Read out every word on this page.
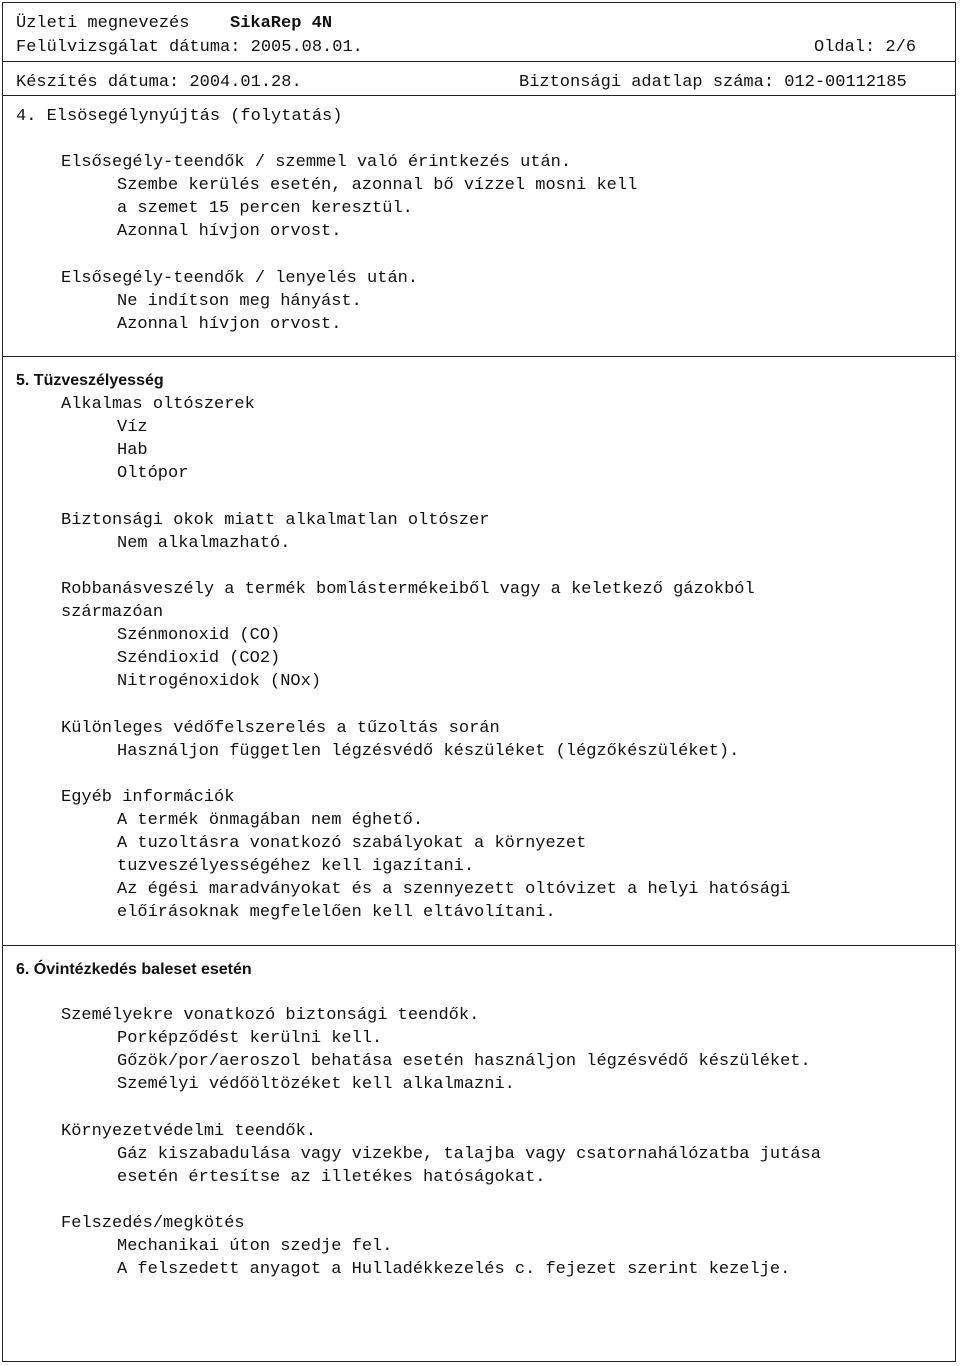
Üzleti megnevezés SikaRep 4N
Felülvizsgálat dátuma: 2005.08.01.	Oldal: 2/6
Készítés dátuma: 2004.01.28.	Biztonsági adatlap száma: 012-00112185
4. Elsösegélynyújtás (folytatás)
Elsősegély-teendők / szemmel való érintkezés után.
Szembe kerülés esetén, azonnal bő vízzel mosni kell
a szemet 15 percen keresztül.
Azonnal hívjon orvost.
Elsősegély-teendők / lenyelés után.
Ne indítson meg hányást.
Azonnal hívjon orvost.
5. Tüzveszélyesség
Alkalmas oltószerek
Víz
Hab
Oltópor
Biztonsági okok miatt alkalmatlan oltószer
Nem alkalmazható.
Robbanásveszély a termék bomlástermékeiből vagy a keletkező gázokból
származóan
Szénmonoxid (CO)
Széndioxid (CO2)
Nitrogénoxidok (NOx)
Különleges védőfelszerelés a tűzoltás során
Használjon független légzésvédő készüléket (légzőkészüléket).
Egyéb információk
A termék önmagában nem éghető.
A tuzoltásra vonatkozó szabályokat a környezet
tuzveszélyességéhez kell igazítani.
Az égési maradványokat és a szennyezett oltóvizet a helyi hatósági
előírásoknak megfelelően kell eltávolítani.
6. Óvintézkedés baleset esetén
Személyekre vonatkozó biztonsági teendők.
Porképződést kerülni kell.
Gőzök/por/aeroszol behatása esetén használjon légzésvédő készüléket.
Személyi védőöltözéket kell alkalmazni.
Környezetvédelmi teendők.
Gáz kiszabadulása vagy vizekbe, talajba vagy csatornahálózatba jutása
esetén értesítse az illetékes hatóságokat.
Felszedés/megkötés
Mechanikai úton szedje fel.
A felszedett anyagot a Hulladékkezelés c. fejezet szerint kezelje.
